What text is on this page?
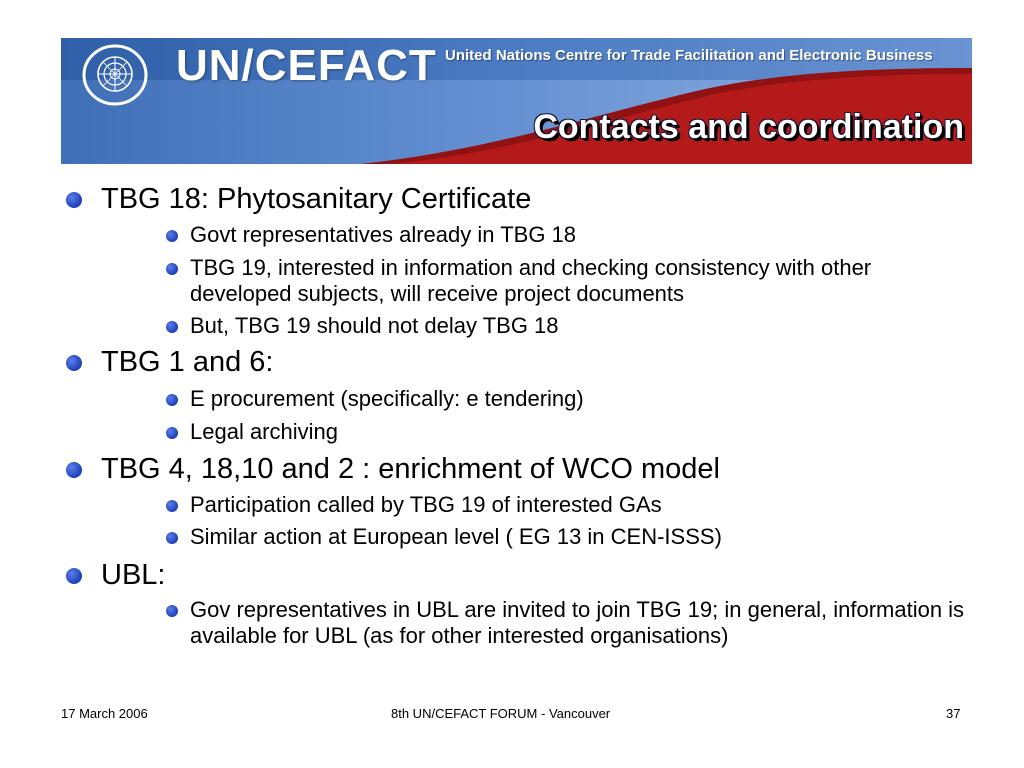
UN/CEFACT United Nations Centre for Trade Facilitation and Electronic Business
Contacts and coordination
TBG 18: Phytosanitary Certificate
Govt representatives already in TBG 18
TBG 19, interested in information and checking consistency with other developed subjects, will receive project documents
But, TBG 19 should not delay TBG 18
TBG 1 and 6:
E procurement (specifically: e tendering)
Legal archiving
TBG 4, 18,10 and 2 : enrichment of WCO model
Participation called by TBG 19 of interested GAs
Similar action at European level ( EG 13 in CEN-ISSS)
UBL:
Gov representatives in UBL are invited to join TBG 19; in general, information is available for UBL (as for other interested organisations)
17 March 2006	8th UN/CEFACT FORUM - Vancouver	37
